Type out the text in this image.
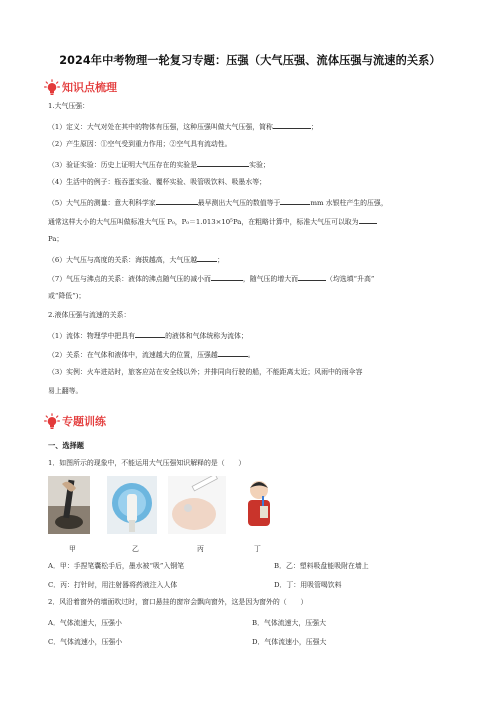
2024年中考物理一轮复习专题：压强（大气压强、流体压强与流速的关系）
知识点梳理
1.大气压强：
（1）定义：大气对处在其中的物体有压强，这种压强叫做大气压强，简称	；
（2）产生原因：①空气受到重力作用；②空气具有流动性。
（3）验证实验：历史上证明大气压存在的实验是	实验；
（4）生活中的例子：瓶吞蛋实验、覆杯实验、吸管吸饮料、吸墨水等；
（5）大气压的测量：意大利科学家	最早测出大气压的数值等于	mm 水银柱产生的压强，
通常这样大小的大气压叫做标准大气压 P₀，P₀＝1.013×10⁵Pa，在粗略计算中，标准大气压可以取为
Pa；
（6）大气压与高度的关系：海拔越高，大气压越	；
（7）气压与沸点的关系：液体的沸点随气压的减小而	，随气压的增大而	（均选填“升高”
或“降低”)；
2.液体压强与流速的关系：
（1）流体：物理学中把具有	的液体和气体统称为流体；
（2）关系：在气体和液体中，流速越大的位置，压强越	。
（3）实例：火车进站时，旅客应站在安全线以外；并排同向行驶的船，不能距离太近；风雨中的雨伞容
易上翻等。
专题训练
一、选择题
1．如图所示的现象中，不能运用大气压强知识解释的是（　　）
甲	乙	丙	丁
A．甲：手捏笔囊松手后，墨水被“吸”入钢笔	B．乙：塑料吸盘能吸附在墙上
C．丙：打针时，用注射器将药液注入人体	D．丁：用吸管喝饮料
2．风沿着窗外的墙面吹过时，窗口悬挂的窗帘会飘向窗外，这是因为窗外的（　　）
A．气体流速大，压强小	B．气体流速大，压强大
C．气体流速小，压强小	D．气体流速小，压强大
